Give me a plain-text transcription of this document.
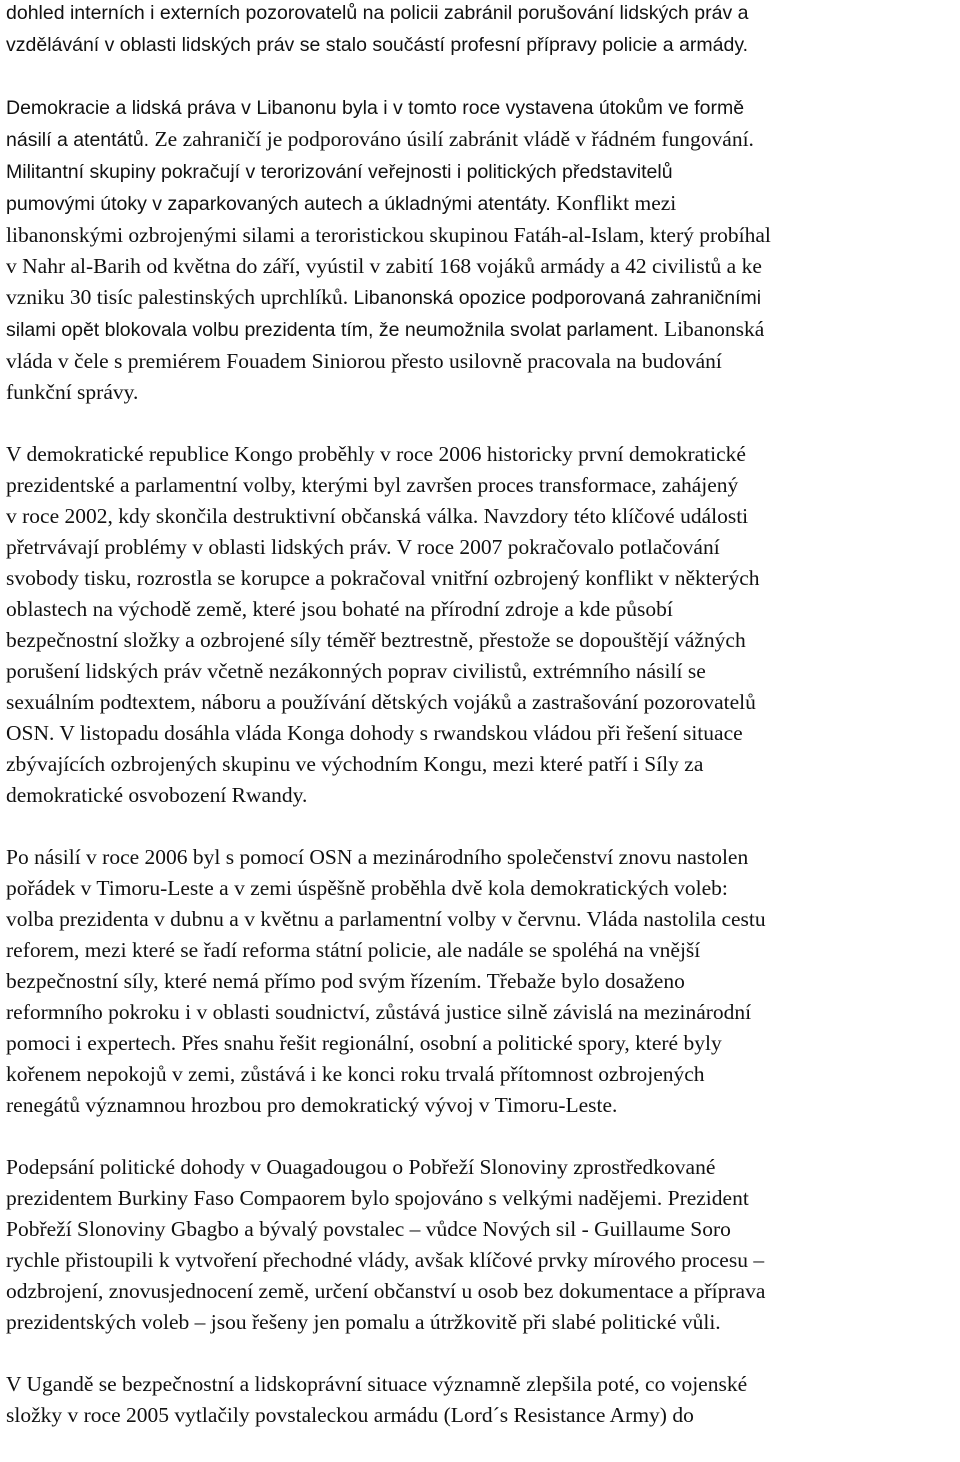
dohled interních i externích pozorovatelů na policii zabránil porušování lidských práv a
vzdělávání v oblasti lidských práv se stalo součástí profesní přípravy policie a armády.
Demokracie a lidská práva v Libanonu byla i v tomto roce vystavena útokům ve formě
násilí a atentátů. Ze zahraničí je podporováno úsilí zabránit vládě v řádném fungování.
Militantní skupiny pokračují v terorizování veřejnosti i politických představitelů
pumovými útoky v zaparkovaných autech a úkladnými atentáty. Konflikt mezi
libanonskými ozbrojenými silami a teroristickou skupinou Fatáh-al-Islam, který probíhal
v Nahr al-Barih od května do září, vyústil v zabití 168 vojáků armády a 42 civilistů a ke
vzniku 30 tisíc palestinských uprchlíků. Libanonská opozice podporovaná zahraničními
silami opět blokovala volbu prezidenta tím, že neumožnila svolat parlament. Libanonská
vláda v čele s premiérem Fouadem Siniorou přesto usilovně pracovala na budování
funkční správy.
V demokratické republice Kongo proběhly v roce 2006 historicky první demokratické
prezidentské a parlamentní volby, kterými byl završen proces transformace, zahájený
v roce 2002, kdy skončila destruktivní občanská válka. Navzdory této klíčové události
přetrvávají problémy v oblasti lidských práv. V roce 2007 pokračovalo potlačování
svobody tisku, rozrostla se korupce a pokračoval vnitřní ozbrojený konflikt v některých
oblastech na východě země, které jsou bohaté na přírodní zdroje a kde působí
bezpečnostní složky a ozbrojené síly téměř beztrestně, přestože se dopouštějí vážných
porušení lidských práv včetně nezákonných poprav civilistů, extrémního násilí se
sexuálním podtextem, náboru a používání dětských vojáků a zastrašování pozorovatelů
OSN. V listopadu dosáhla vláda Konga dohody s rwandskou vládou při řešení situace
zbývajících ozbrojených skupinu ve východním Kongu, mezi které patří i Síly za
demokratické osvobození Rwandy.
Po násilí v roce 2006 byl s pomocí OSN a mezinárodního společenství znovu nastolen
pořádek v Timoru-Leste a v zemi úspěšně proběhla dvě kola demokratických voleb:
volba prezidenta v dubnu a v květnu a parlamentní volby v červnu. Vláda nastolila cestu
reforem, mezi které se řadí reforma státní policie, ale nadále se spoléhá na vnější
bezpečnostní síly, které nemá přímo pod svým řízením. Třebaže bylo dosaženo
reformního pokroku i v oblasti soudnictví, zůstává justice silně závislá na mezinárodní
pomoci i expertech. Přes snahu řešit regionální, osobní a politické spory, které byly
kořenem nepokojů v zemi, zůstává i ke konci roku trvalá přítomnost ozbrojených
renegátů významnou hrozbou pro demokratický vývoj v Timoru-Leste.
Podepsání politické dohody v Ouagadougou o Pobřeží Slonoviny zprostředkované
prezidentem Burkiny Faso Compaorem bylo spojováno s velkými nadějemi. Prezident
Pobřeží Slonoviny Gbagbo a bývalý povstalec – vůdce Nových sil - Guillaume Soro
rychle přistoupili k vytvoření přechodné vlády, avšak klíčové prvky mírového procesu –
odzbrojení, znovusjednocení země, určení občanství u osob bez dokumentace a příprava
prezidentských voleb – jsou řešeny jen pomalu a útržkovitě při slabé politické vůli.
V Ugandě se bezpečnostní a lidskoprávní situace významně zlepšila poté, co vojenské
složky v roce 2005 vytlačily povstaleckou armádu (Lord´s Resistance Army) do
